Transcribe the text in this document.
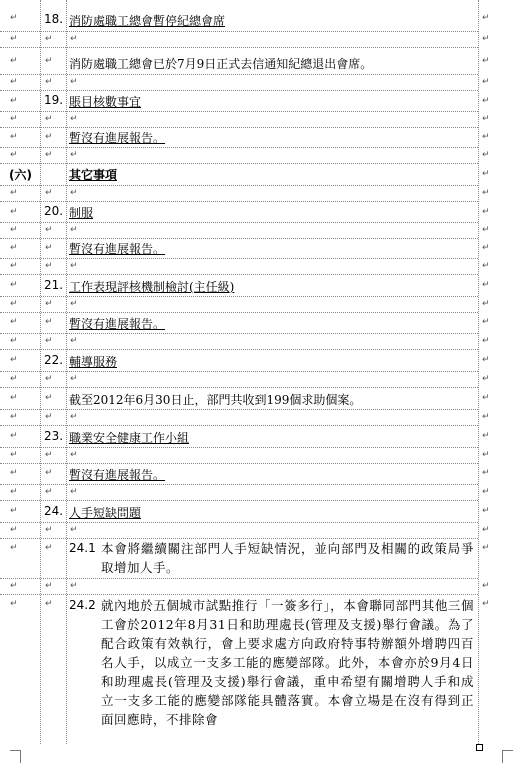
↵ 18. 消防處職工總會暫停紀總會席	↵
↵	↵ ↵	↵
↵	↵ 消防處職工總會已於7月9日正式去信通知紀總退出會席。	↵
↵	↵ ↵	↵
↵ 19. 賬目核數事宜	↵
↵	↵ ↵	↵
↵	↵ 暫沒有進展報告。	↵
↵	↵ ↵	↵
(六)	其它事項	↵
↵	↵ ↵	↵
↵ 20. 制服	↵
↵	↵ ↵	↵
↵	↵ 暫沒有進展報告。	↵
↵	↵ ↵	↵
↵ 21. 工作表現評核機制檢討(主任級)	↵
↵	↵ ↵	↵
↵	↵ 暫沒有進展報告。	↵
↵	↵ ↵	↵
↵ 22. 輔導服務	↵
↵	↵ ↵	↵
↵	↵ 截至2012年6月30日止，部門共收到199個求助個案。	↵
↵	↵ ↵	↵
↵ 23. 職業安全健康工作小組	↵
↵	↵ ↵	↵
↵	↵ 暫沒有進展報告。	↵
↵	↵ ↵	↵
↵ 24. 人手短缺問題	↵
↵	↵ ↵	↵
↵	↵ 24.1 本會將繼續關注部門人手短缺情況，並向部門及相關的政策局爭取增加人手。
↵
↵	↵ ↵	↵
↵	↵ 24.2 就內地於五個城市試點推行「一簽多行」，本會聯同部門其他三個工會於2012年8月31日和助理處長(管理及支援)舉行會議。為了配合政策有效執行，會上要求處方向政府特事特辦額外增聘四百名人手，以成立一支多工能的應變部隊。此外，本會亦於9月4日和助理處長(管理及支援)舉行會議，重申希望有關增聘人手和成立一支多工能的應變部隊能具體落實。本會立場是在沒有得到正面回應時，不排除會
↵
